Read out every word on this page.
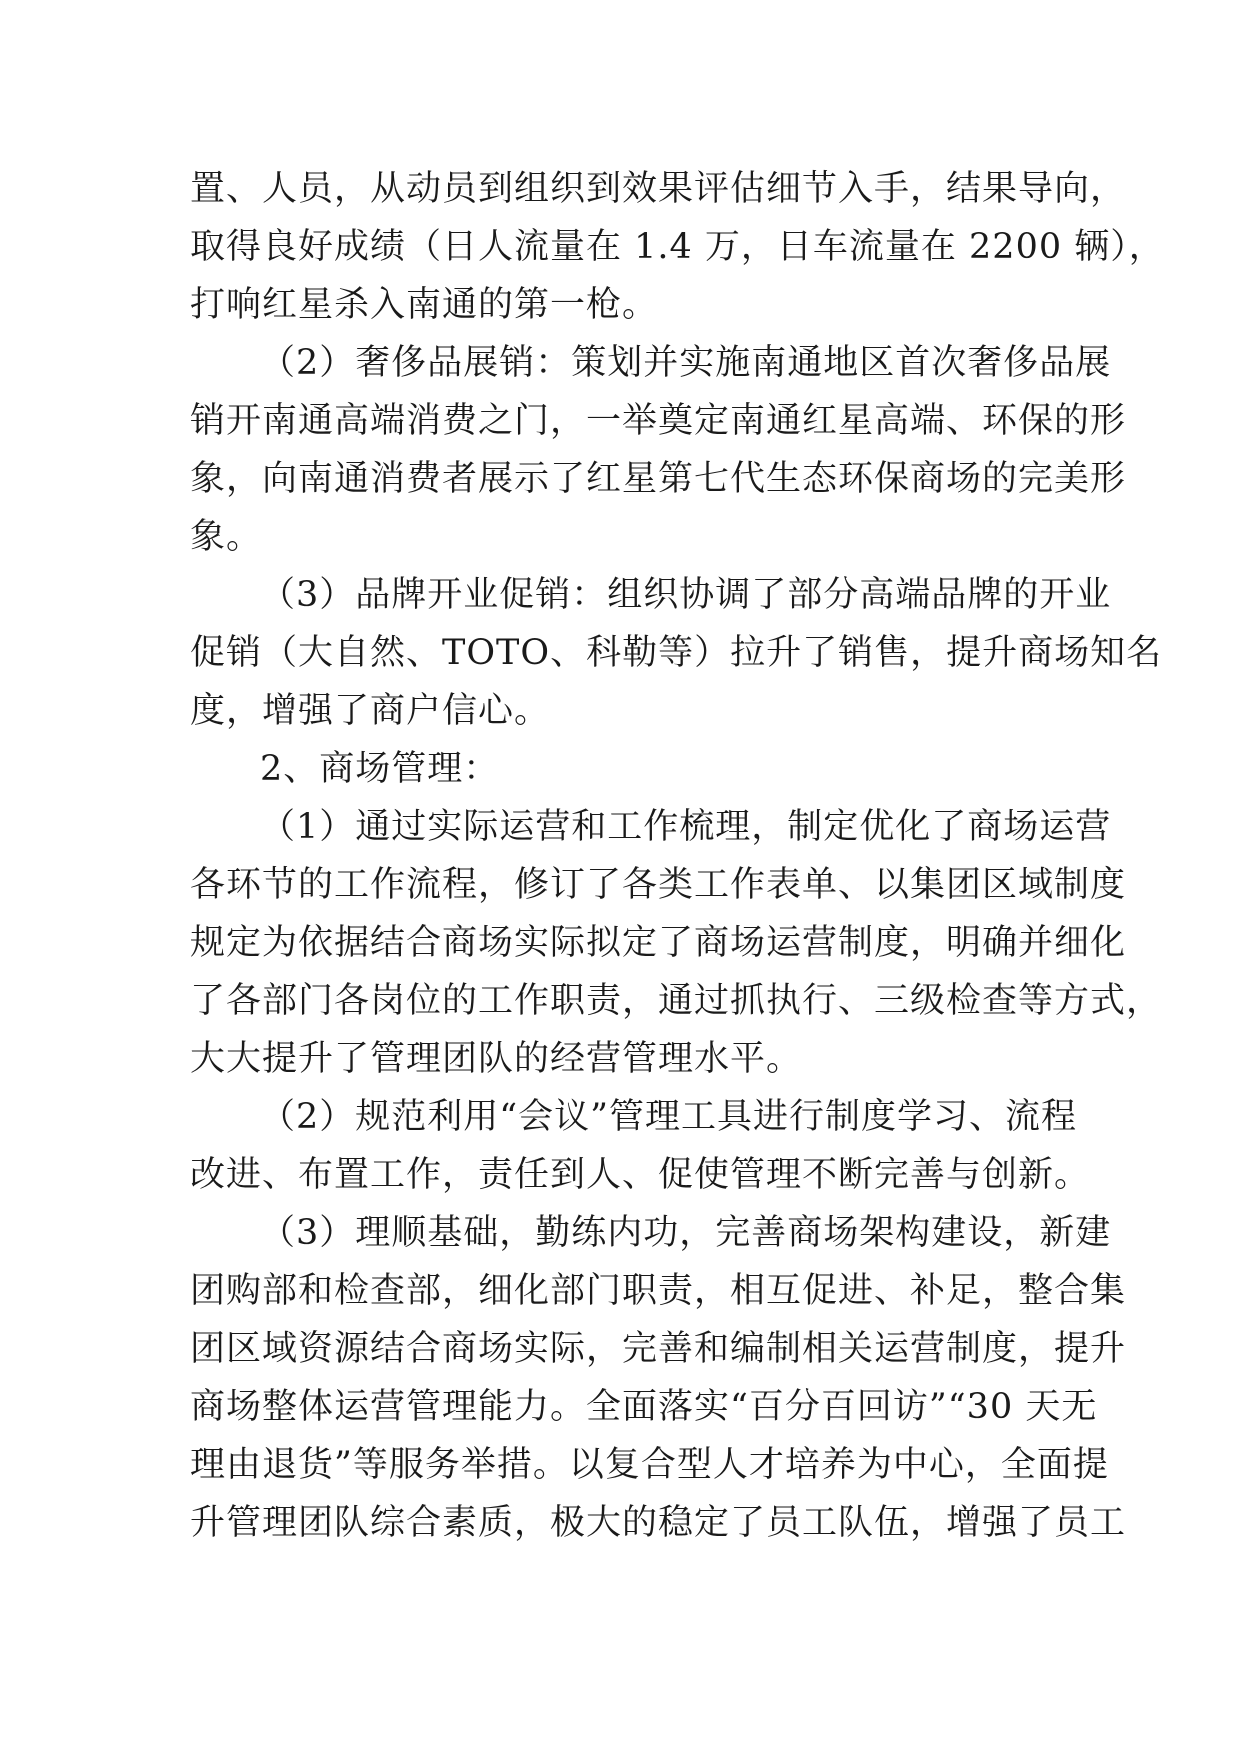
置、人员，从动员到组织到效果评估细节入手，结果导向，
取得良好成绩（日人流量在 1.4 万，日车流量在 2200 辆），
打响红星杀入南通的第一枪。
（2）奢侈品展销：策划并实施南通地区首次奢侈品展
销开南通高端消费之门，一举奠定南通红星高端、环保的形
象，向南通消费者展示了红星第七代生态环保商场的完美形
象。
（3）品牌开业促销：组织协调了部分高端品牌的开业
促销（大自然、TOTO、科勒等）拉升了销售，提升商场知名
度，增强了商户信心。
2、商场管理：
（1）通过实际运营和工作梳理，制定优化了商场运营
各环节的工作流程，修订了各类工作表单、以集团区域制度
规定为依据结合商场实际拟定了商场运营制度，明确并细化
了各部门各岗位的工作职责，通过抓执行、三级检查等方式，
大大提升了管理团队的经营管理水平。
（2）规范利用“会议”管理工具进行制度学习、流程
改进、布置工作，责任到人、促使管理不断完善与创新。
（3）理顺基础，勤练内功，完善商场架构建设，新建
团购部和检查部，细化部门职责，相互促进、补足，整合集
团区域资源结合商场实际，完善和编制相关运营制度，提升
商场整体运营管理能力。全面落实“百分百回访”“30 天无
理由退货”等服务举措。以复合型人才培养为中心，全面提
升管理团队综合素质，极大的稳定了员工队伍，增强了员工
